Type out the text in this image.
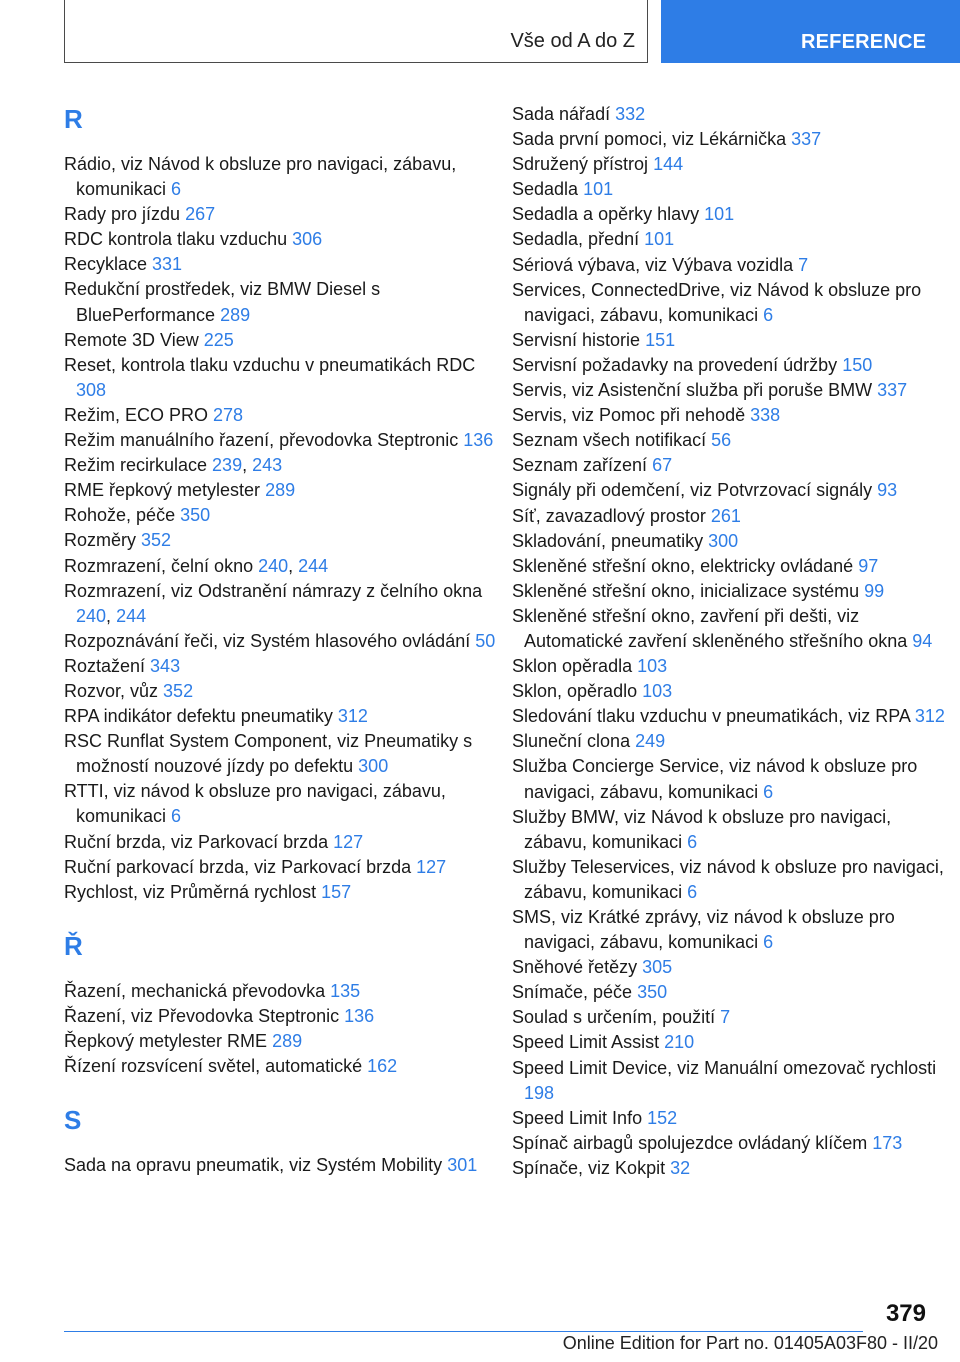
Vše od A do Z	REFERENCE
R
Rádio, viz Návod k obsluze pro navigaci, zábavu, komunikaci 6
Rady pro jízdu 267
RDC kontrola tlaku vzduchu 306
Recyklace 331
Redukční prostředek, viz BMW Diesel s BluePerformance 289
Remote 3D View 225
Reset, kontrola tlaku vzduchu v pneumatikách RDC 308
Režim, ECO PRO 278
Režim manuálního řazení, převodovka Steptronic 136
Režim recirkulace 239, 243
RME řepkový metylester 289
Rohože, péče 350
Rozměry 352
Rozmrazení, čelní okno 240, 244
Rozmrazení, viz Odstranění námrazy z čelního okna 240, 244
Rozpoznávání řeči, viz Systém hlasového ovládání 50
Roztažení 343
Rozvor, vůz 352
RPA indikátor defektu pneumatiky 312
RSC Runflat System Component, viz Pneumatiky s možností nouzové jízdy po defektu 300
RTTI, viz návod k obsluze pro navigaci, zábavu, komunikaci 6
Ruční brzda, viz Parkovací brzda 127
Ruční parkovací brzda, viz Parkovací brzda 127
Rychlost, viz Průměrná rychlost 157
Ř
Řazení, mechanická převodovka 135
Řazení, viz Převodovka Steptronic 136
Řepkový metylester RME 289
Řízení rozsvícení světel, automatické 162
S
Sada na opravu pneumatik, viz Systém Mobility 301
Sada nářadí 332
Sada první pomoci, viz Lékárnička 337
Sdružený přístroj 144
Sedadla 101
Sedadla a opěrky hlavy 101
Sedadla, přední 101
Sériová výbava, viz Výbava vozidla 7
Services, ConnectedDrive, viz Návod k obsluze pro navigaci, zábavu, komunikaci 6
Servisní historie 151
Servisní požadavky na provedení údržby 150
Servis, viz Asistenční služba při poruše BMW 337
Servis, viz Pomoc při nehodě 338
Seznam všech notifikací 56
Seznam zařízení 67
Signály při odemčení, viz Potvrzovací signály 93
Síť, zavazadlový prostor 261
Skladování, pneumatiky 300
Skleněné střešní okno, elektricky ovládané 97
Skleněné střešní okno, inicializace systému 99
Skleněné střešní okno, zavření při dešti, viz Automatické zavření skleněného střešního okna 94
Sklon opěradla 103
Sklon, opěradlo 103
Sledování tlaku vzduchu v pneumatikách, viz RPA 312
Sluneční clona 249
Služba Concierge Service, viz návod k obsluze pro navigaci, zábavu, komunikaci 6
Služby BMW, viz Návod k obsluze pro navigaci, zábavu, komunikaci 6
Služby Teleservices, viz návod k obsluze pro navigaci, zábavu, komunikaci 6
SMS, viz Krátké zprávy, viz návod k obsluze pro navigaci, zábavu, komunikaci 6
Sněhové řetězy 305
Snímače, péče 350
Soulad s určením, použití 7
Speed Limit Assist 210
Speed Limit Device, viz Manuální omezovač rychlosti 198
Speed Limit Info 152
Spínač airbagů spolujezdce ovládaný klíčem 173
Spínače, viz Kokpit 32
379
Online Edition for Part no. 01405A03F80 - II/20
